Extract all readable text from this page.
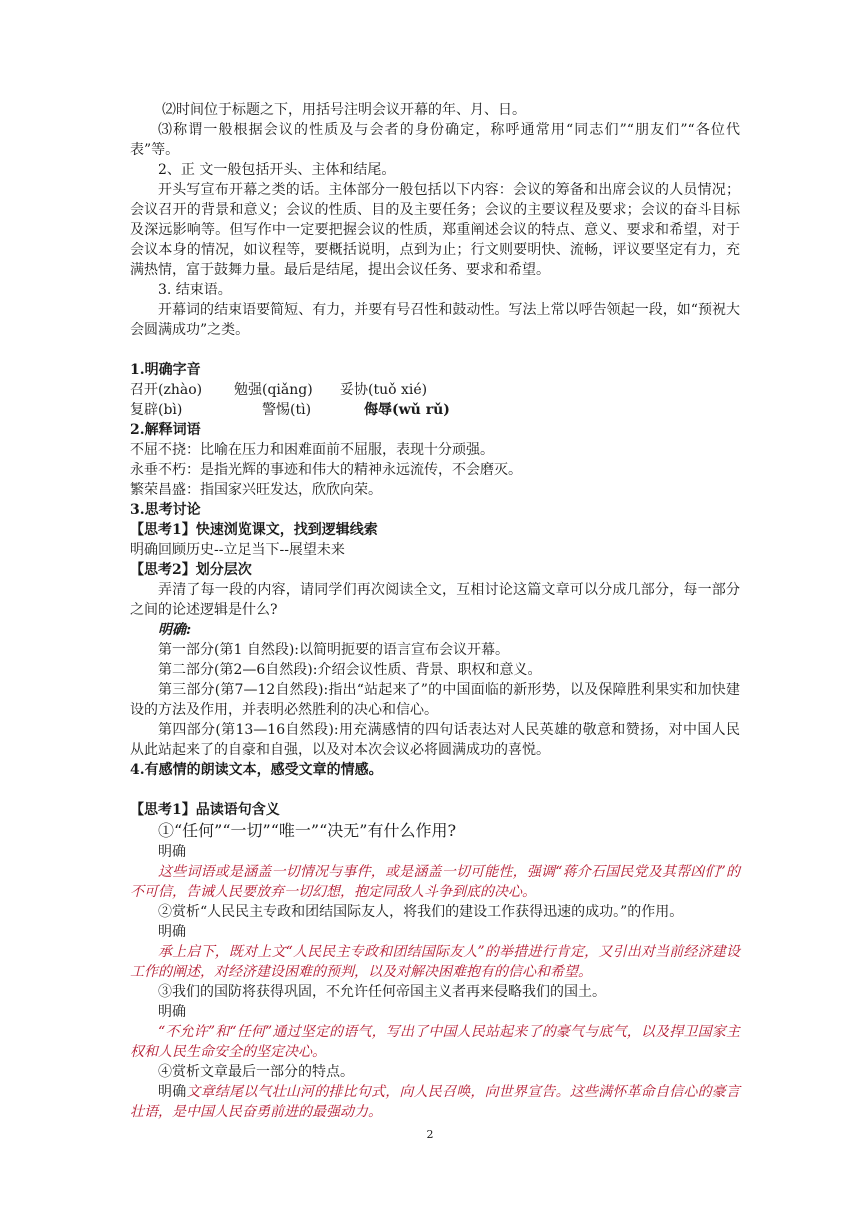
⑵时间位于标题之下，用括号注明会议开幕的年、月、日。

⑶称谓一般根据会议的性质及与会者的身份确定，称呼通常用“同志们”“朋友们”“各位代表”等。

2、正 文一般包括开头、主体和结尾。

开头写宣布开幕之类的话。主体部分一般包括以下内容：会议的筹备和出席会议的人员情况；会议召开的背景和意义；会议的性质、目的及主要任务；会议的主要议程及要求；会议的奋斗目标及深远影响等。但写作中一定要把握会议的性质，郑重阐述会议的特点、意义、要求和希望，对于会议本身的情况，如议程等，要概括说明，点到为止；行文则要明快、流畅，评议要坚定有力，充满热情，富于鼓舞力量。最后是结尾，提出会议任务、要求和希望。

3. 结束语。

开幕词的结束语要简短、有力，并要有号召性和鼓动性。写法上常以呼告领起一段，如“预祝大会圆满成功”之类。

1.明确字音

召开(zhào)	勉强(qiǎng)	妥协(tuǒ xié)
复辟(bì)	警惕(tì)	侮辱(wǔ rǔ)

2.解释词语

不屈不挠：比喻在压力和困难面前不屈服，表现十分顽强。

永垂不朽：是指光辉的事迹和伟大的精神永远流传，不会磨灭。

繁荣昌盛：指国家兴旺发达，欣欣向荣。

3.思考讨论

【思考1】快速浏览课文，找到逻辑线索

明确回顾历史--立足当下--展望未来

【思考2】划分层次

弄清了每一段的内容，请同学们再次阅读全文，互相讨论这篇文章可以分成几部分，每一部分之间的论述逻辑是什么?

明确:

第一部分(第1 自然段):以简明扼要的语言宣布会议开幕。

第二部分(第2—6自然段):介绍会议性质、背景、职权和意义。

第三部分(第7—12自然段):指出“站起来了”的中国面临的新形势，以及保障胜利果实和加快建设的方法及作用，并表明必然胜利的决心和信心。

第四部分(第13—16自然段):用充满感情的四句话表达对人民英雄的敬意和赞扬，对中国人民从此站起来了的自豪和自强，以及对本次会议必将圆满成功的喜悦。

4.有感情的朗读文本，感受文章的情感。

【思考1】品读语句含义

①“任何”“一切”“唯一”“决无”有什么作用?

明确

这些词语或是涵盖一切情况与事件，或是涵盖一切可能性，强调“蒋介石国民党及其帮凶们”的不可信，告诫人民要放弃一切幻想，抱定同敌人斗争到底的决心。

②赏析“人民民主专政和团结国际友人，将我们的建设工作获得迅速的成功。”的作用。

明确

承上启下，既对上文“人民民主专政和团结国际友人”的举措进行肯定，又引出对当前经济建设工作的阐述，对经济建设困难的预判，以及对解决困难抱有的信心和希望。

③我们的国防将获得巩固，不允许任何帝国主义者再来侵略我们的国土。

明确

“不允许”和“任何”通过坚定的语气，写出了中国人民站起来了的豪气与底气，以及捍卫国家主权和人民生命安全的坚定决心。

④赏析文章最后一部分的特点。

明确文章结尾以气壮山河的排比句式，向人民召唤，向世界宣告。这些满怀革命自信心的豪言壮语，是中国人民奋勇前进的最强动力。

2
